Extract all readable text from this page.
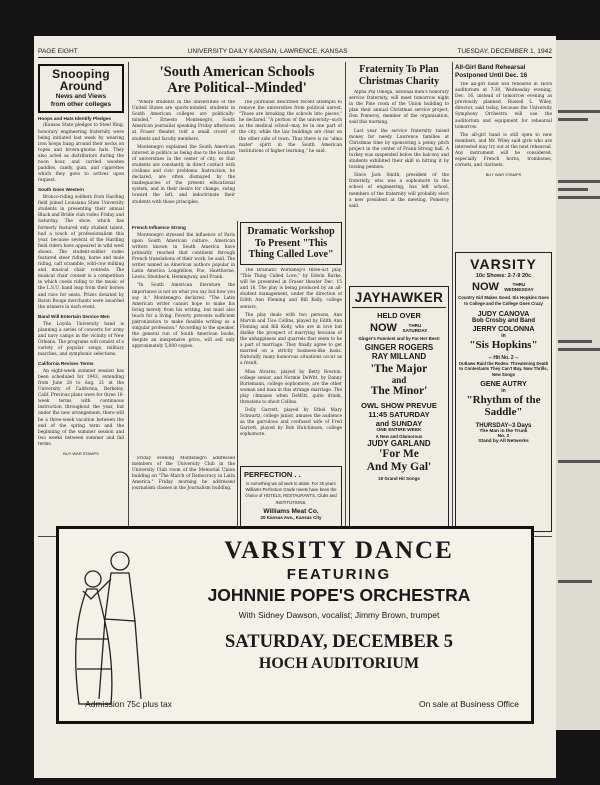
PAGE EIGHT	UNIVERSITY DAILY KANSAN, LAWRENCE, KANSAS	TUESDAY, DECEMBER 1, 1942
Snooping
Around
News and Views
from other colleges
Hoops and Hats Identify Pledges

(Kansas State pledges to Steel Ring, honorary engineering fraternity were being initiated last week by wearing iron hoops hung around their necks on ropes and brown-gnome hats. They also acted as distributors during the noon hour, and carried wooden paddles, candy, gum, and cigarettes which they gave to actives upon request.

South Goes Western

Bronco-riding soldiers from Harding field joined Louisiana State University students in presenting their annual Black and Bridle club rodeo Friday and Saturday. The show, which has formerly featured only student talent, had a touch of professionalism this year, because several of the Harding field riders have appeared in wild west shows. The student-soldier rodeo featured steer riding, horse and mule riding, calf scramble, wild-cow milking and musical chair contests. The musical chair contest is a competition in which coeds riding to the music of the L.S.U. band leap from their horses and race for seats. Prizes donated by Baton Rouge merchants were awarded the winners in each event.

Band Will Entertain Service Men

The Loyola University band is planning a series of concerts for army and navy camps in the vicinity of New Orleans. The programs will consist of a variety of popular songs, military marches, and symphonic selections.

California Revises Terms

An eight-week summer session has been scheduled for 1943, extending from June 28 to Aug. 21 at the University of California, Berkeley, Calif. Previous plans were for three 16-week terms with continuous instruction throughout the year, but under the new arrangement, there will be a three-week vacation between the end of the spring term and the beginning of the summer session and two weeks between summer and fall terms.

BUY WAR STAMPS
'South American Schools
Are Political--Minded'

"Where students in the universities of the United States are sports-minded, students in South American colleges are politically-minded," Ernesto Montenegro, South American journalist speaking Friday afternoon at Fraser theater, told a small crowd of students and faculty members.

Montenegro explained the South American interest in politics as being due to the location of universities in the center of city, so that students are constantly in direct contact with civilians and civic problems. Instruction, he declared, are often dismayed by the inadequacies of the present educational system, and in their desire for change, swing toward the left, and indoctrinate their students with those principles.

The journalist described recent attempts to remove the universities from political unrest, "Those are breaking the schools into pieces," he declared. "A portion of the university--such as the medical school--may be in one part of the city, while the law buildings are clear on the other side of town. Thus there is no 'alma mater' spirit in the South American institutions of higher learning," he said.

French Influence Strong

Montenegro stressed the influence of Paris upon South American culture. American writers known in South America have primarily reached that continent through French translations of their work, he said. The writer named as American authors popular in Latin America Longfellow, Poe, Hawthorne, Lewis, Steinbeck, Hemingway, and Frank.

"In South American literature the importance is not on what you say but how you say it," Montenegro declared. "The Latin American writer cannot hope to make his living merely from his writing, but must also teach for a living. Poverty prevents sufficient patronization to make feasible writing as a singular profession." According to the speaker, the general run of South American books, despite an inexpensive price, will sell only approximately 5,000 copies.

Friday evening Montenegro addressed members of the University Club in the University Club room of the Memorial Union building on "The March of Democracy in Latin America." Friday morning he addressed journalism classes in the Journalism building.

Dramatic Workshop
To Present "This
Thing Called Love"

The Dramatic Workshop's three-act play, "This Thing Called Love," by Edwin Burke, will be presented in Fraser theater Dec. 15 and 16. The play is being produced by an all-student management, under the direction of Edith Ann Fleming and Bill Kelly, college seniors.

The play deals with two persons, Ann Marvin and Tice Collins, played by Edith Ann Fleming and Bill Kelly, who are in love but dislike the prospect of marrying because of the unhappiness and quarrels that seem to be a part of marriage. They finally agree to get married on a strictly business-like basis. Naturally, many humorous situations occur as a result.

Miss Alvarez, played by Betty Rowton, college senior, and Normie DeWitt, by Danny Burlemann, college sophomore, are the other woman and man in this strange marriage. The play climaxes when DeWitt, quite drunk, threatens to shoot Collins.

Dolly Garrett, played by Ethel Mary Schwartz, college junior, amuses the audience as the garrulous and confused wife of Fred Garrett, played by Bob Hutchinson, college sophomore.

PERFECTION . .
is something we all seek to attain. For 35 years Williams Perfection Grade meets have been the choice of HOTELS, RESTAURANTS, Clubs and INSTITUTIONS.
Williams Meat Co.
20 Kansas Ave., Kansas City
Fraternity To Plan
Christmas Charity

Alpha Phi Omega, national men's honorary service fraternity, will meet tomorrow night in the Pine room of the Union building to plan their annual Christmas service project, Don Pomeroy, member of the organization, said this morning.

Last year the service fraternity raised money for needy Lawrence families at Christmas time by sponsoring a penny pitch project in the center of Frank Strong hall. A turkey was suspended below the balcony and students exhibited their skill in hitting it by tossing pennies.

Since Jack Smith, president of the fraternity, who was a sophomore in the school of engineering, has left school, members of the fraternity will probably elect a new president at the meeting, Pomeroy said.

JAYHAWKER
HELD OVER
NOW	THRU SATURDAY
Ginger's Funniest and by Far Her Best!
GINGER ROGERS
RAY MILLAND
'The Major
and
The Minor'
OWL SHOW PREVUE
11:45 SATURDAY
and SUNDAY
ONE ENTIRE WEEK
A New and Glamorous
JUDY GARLAND
'For Me
And My Gal'
19 Grand Hit Songs
All-Girl Band Rehearsal
Postponed Until Dec. 16

The all-girl band will rehearse in Hoch auditorium at 7:30, Wednesday evening, Dec. 16, instead of tomorrow evening as previously planned, Russell L. Wiley, director, said today, because the University Symphony Orchestra will use the auditorium and equipment for rehearsal tomorrow.

The all-girl band is still open to new members, and Mr. Wiley said girls who are interested may try out at the next rehearsal. Any instrument will be considered, especially French horns, trombones, cornets, and clarinets.

BUY WAR STAMPS
VARSITY
10c Shows: 2-7-9 20c
NOW	THRU WEDNESDAY
Country Girl Makes Good. Sis Hopkins Goes to College and the College Goes Crazy
JUDY CANOVA
Bob Crosby and Band
JERRY COLONNA
in
"Sis Hopkins"
-- Hit No. 2 --
Outlaws Raid the Rodeo. Threatening Death to Contestants They Can't Buy. Now Thrills, New Songs
GENE AUTRY
in
"Rhythm of the
Saddle"
THURSDAY--3 Days
The Man in the Trunk
No. 2
Stand by All Networks
VARSITY DANCE
FEATURING
JOHNNIE POPE'S ORCHESTRA
With Sidney Dawson, vocalist; Jimmy Brown, trumpet
SATURDAY, DECEMBER 5
HOCH AUDITORIUM
Admission 75c plus tax	On sale at Business Office
